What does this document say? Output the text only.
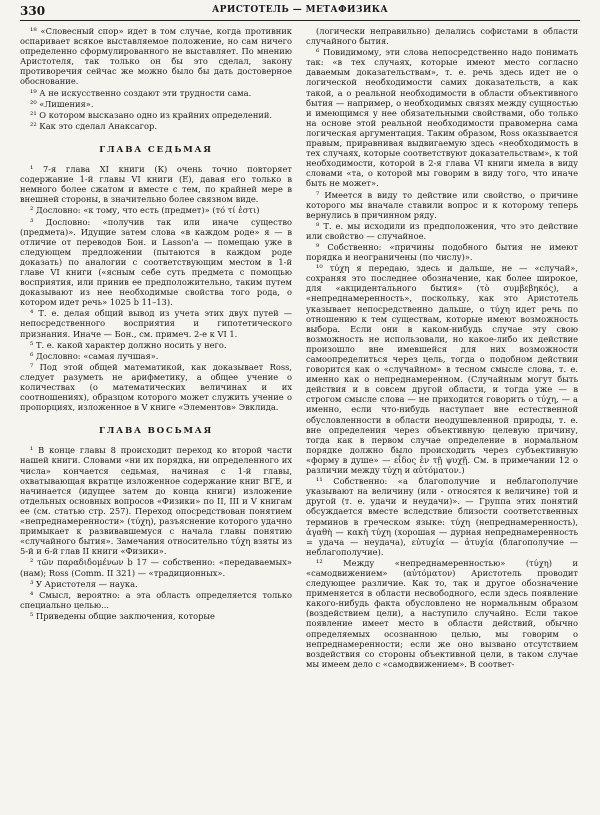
330	АРИСТОТЕЛЬ — МЕТАФИЗИКА

¹⁸ «Словесный спор» идет в том случае, когда противник оспаривает всякое выставляемое положение, но сам ничего определенно сформулированного не выставляет. По мнению Аристотеля, так только он бы это сделал, закону противоречия сейчас же можно было бы дать достоверное обоснование.

¹⁹ А не искусственно создают эти трудности сама.

²⁰ «Лишения».

²¹ О котором высказано одно из крайних определений.

²² Как это сделал Анаксагор.

ГЛАВА СЕДЬМАЯ

¹ 7-я глава XI книги (К) очень точно повторяет содержание 1-й главы VI книги (Е), давая его только в немного более сжатом и вместе с тем, по крайней мере в внешней стороны, в значительно более связном виде.

² Дословно: «к тому, что есть (предмет)» (тό τί ἐστι)

³ Дословно: «получив так или иначе существо (предмета)». Идущие затем слова «в каждом роде» я — в отличие от переводов Бон. и Lasson'а — помещаю уже в следующем предложении (пытаются в каждом роде доказать) по аналогии с соответствующим местом в 1-й главе VI книги («ясным себе суть предмета с помощью восприятия, или принив ее предположительно, таким путем доказывают из нее необходимые свойства того рода, о котором идет речь» 1025 b 11–13).

⁴ Т. е. делая общий вывод из учета этих двух путей — непосредственного восприятия и гипотетического признания. Иначе — Бон., см. примеч. 2-е к VI 1.

⁵ Т. е. какой характер должно носить у него.

⁶ Дословно: «самая лучшая».

⁷ Под этой общей математикой, как доказывает Ross, следует разуметь не арифметику, а общее учение о количествах (о математических величинах и их соотношениях), образцом которого может служить учение о пропорциях, изложенное в V книге «Элементов» Эвклида.

ГЛАВА ВОСЬМАЯ

¹ В конце главы 8 происходит переход ко второй части нашей книги. Словами «ни их порядка, ни определенного их числа» кончается седьмая, начиная с 1-й главы, охватывающая вкратце изложенное содержание книг ВГЕ, и начинается (идущее затем до конца книги) изложение отдельных основных вопросов «Физики» по II, III и V книгам ее (см. статью стр. 257). Переход опосредствован понятием «непреднамеренности» (τύχη), разъяснение которого удачно примыкает к развивавшемуся с начала главы понятию «случайного бытия». Замечания относительно τύχη взяты из 5-й и 6-й глав II книги «Физики».

² τῶν παραδιδομένων b 17 — собственно: «передаваемых» (нам); Ross (Comm. II 321) — «традиционных».

³ У Аристотеля — наука.

⁴ Смысл, вероятно: а эта область определяется только специально целью...

⁵ Приведены общие заключения, которые

(логически неправильно) делались софистами в области случайного бытия.

⁶ Повидимому, эти слова непосредственно надо понимать так: «в тех случаях, которые имеют место согласно даваемым доказательствам», т. е. речь здесь идет не о логической необходимости самих доказательств, а как такой, а о реальной необходимости в области объективного бытия — например, о необходимых связях между сущностью и имеющимся у нее обязательными свойствами, обо только на основе этой реальной необходимости правомерна сама логическая аргументация. Таким образом, Ross оказывается правым, приравнивая выдвигаемую здесь «необходимость в тех случаях, которые соответствуют доказательствам», к той необходимости, которой в 2-я глава VI книги имела в виду словами «та, о которой мы говорим в виду того, что иначе быть не может».

⁷ Имеется в виду то действие или свойство, о причине которого мы вначале ставили вопрос и к которому теперь вернулись в причинном ряду.

⁸ Т. е. мы исходили из предположения, что это действие или свойство — случайное.

⁹ Собственно: «причины подобного бытия не имеют порядка и неограничены (по числу)».

¹⁰ τύχη я передаю, здесь и дальше, не — «случай», сохраняя это последнее обозначение, как более широкое, для «акцидентального бытия» (τὸ συμβεβηκός), а «непреднамеренность», поскольку, как это Аристотель указывает непосредственно дальше, о τύχη идет речь по отношению к тем существам, которые имеют возможность выбора. Если они в каком-нибудь случае эту свою возможность не использовали, но какое-либо их действие произошло вне имевшейся для них возможности самоопределиться через цель, тогда о подобном действии говорится как о «случайном» в тесном смысле слова, т. е. именно как о непреднамеренном. (Случайным могут быть действия и в совсем другой области, и тогда уже — в строгом смысле слова — не приходится говорить о τύχη, — а именно, если что-нибудь наступает вне естественной обусловленности в области неодушевленной природы, т. е. вне определения через объективную целевую причину, тогда как в первом случае определение в нормальном порядке должно было происходить через субъективную «форму в душе» — εἶδος ἐν τῇ ψυχῇ. См. в примечании 12 о различии между τύχη и αὐτόματον.)

¹¹ Собственно: «а благополучие и неблагополучие указывают на величину (или - относятся к величине) той и другой (т. е. удачи и неудачи)». — Группа этих понятий обсуждается вместе вследствие близости соответственных терминов в греческом языке: τύχη (непреднамеренность), ἀγαθὴ — κακὴ τύχη (хорошая — дурная непреднамеренность = удача — неудача), εὐτυχία — ἀτυχία (благополучие — неблагополучие).

¹² Между «непреднамеренностью» (τύχη) и «самодвижением» (αὐτόματον) Аристотель проводит следующее различие. Как то, так и другое обозначение применяется в области несвободного, если здесь появление какого-нибудь факта обусловлено не нормальным образом (воздействием цели), а наступило случайно. Если такое появление имеет место в области действий, обычно определяемых осознанною целью, мы говорим о непреднамеренности; если же оно вызвано отсутствием воздействия со стороны объективной цели, в таком случае мы имеем дело с «самодвижением». В соответ-
